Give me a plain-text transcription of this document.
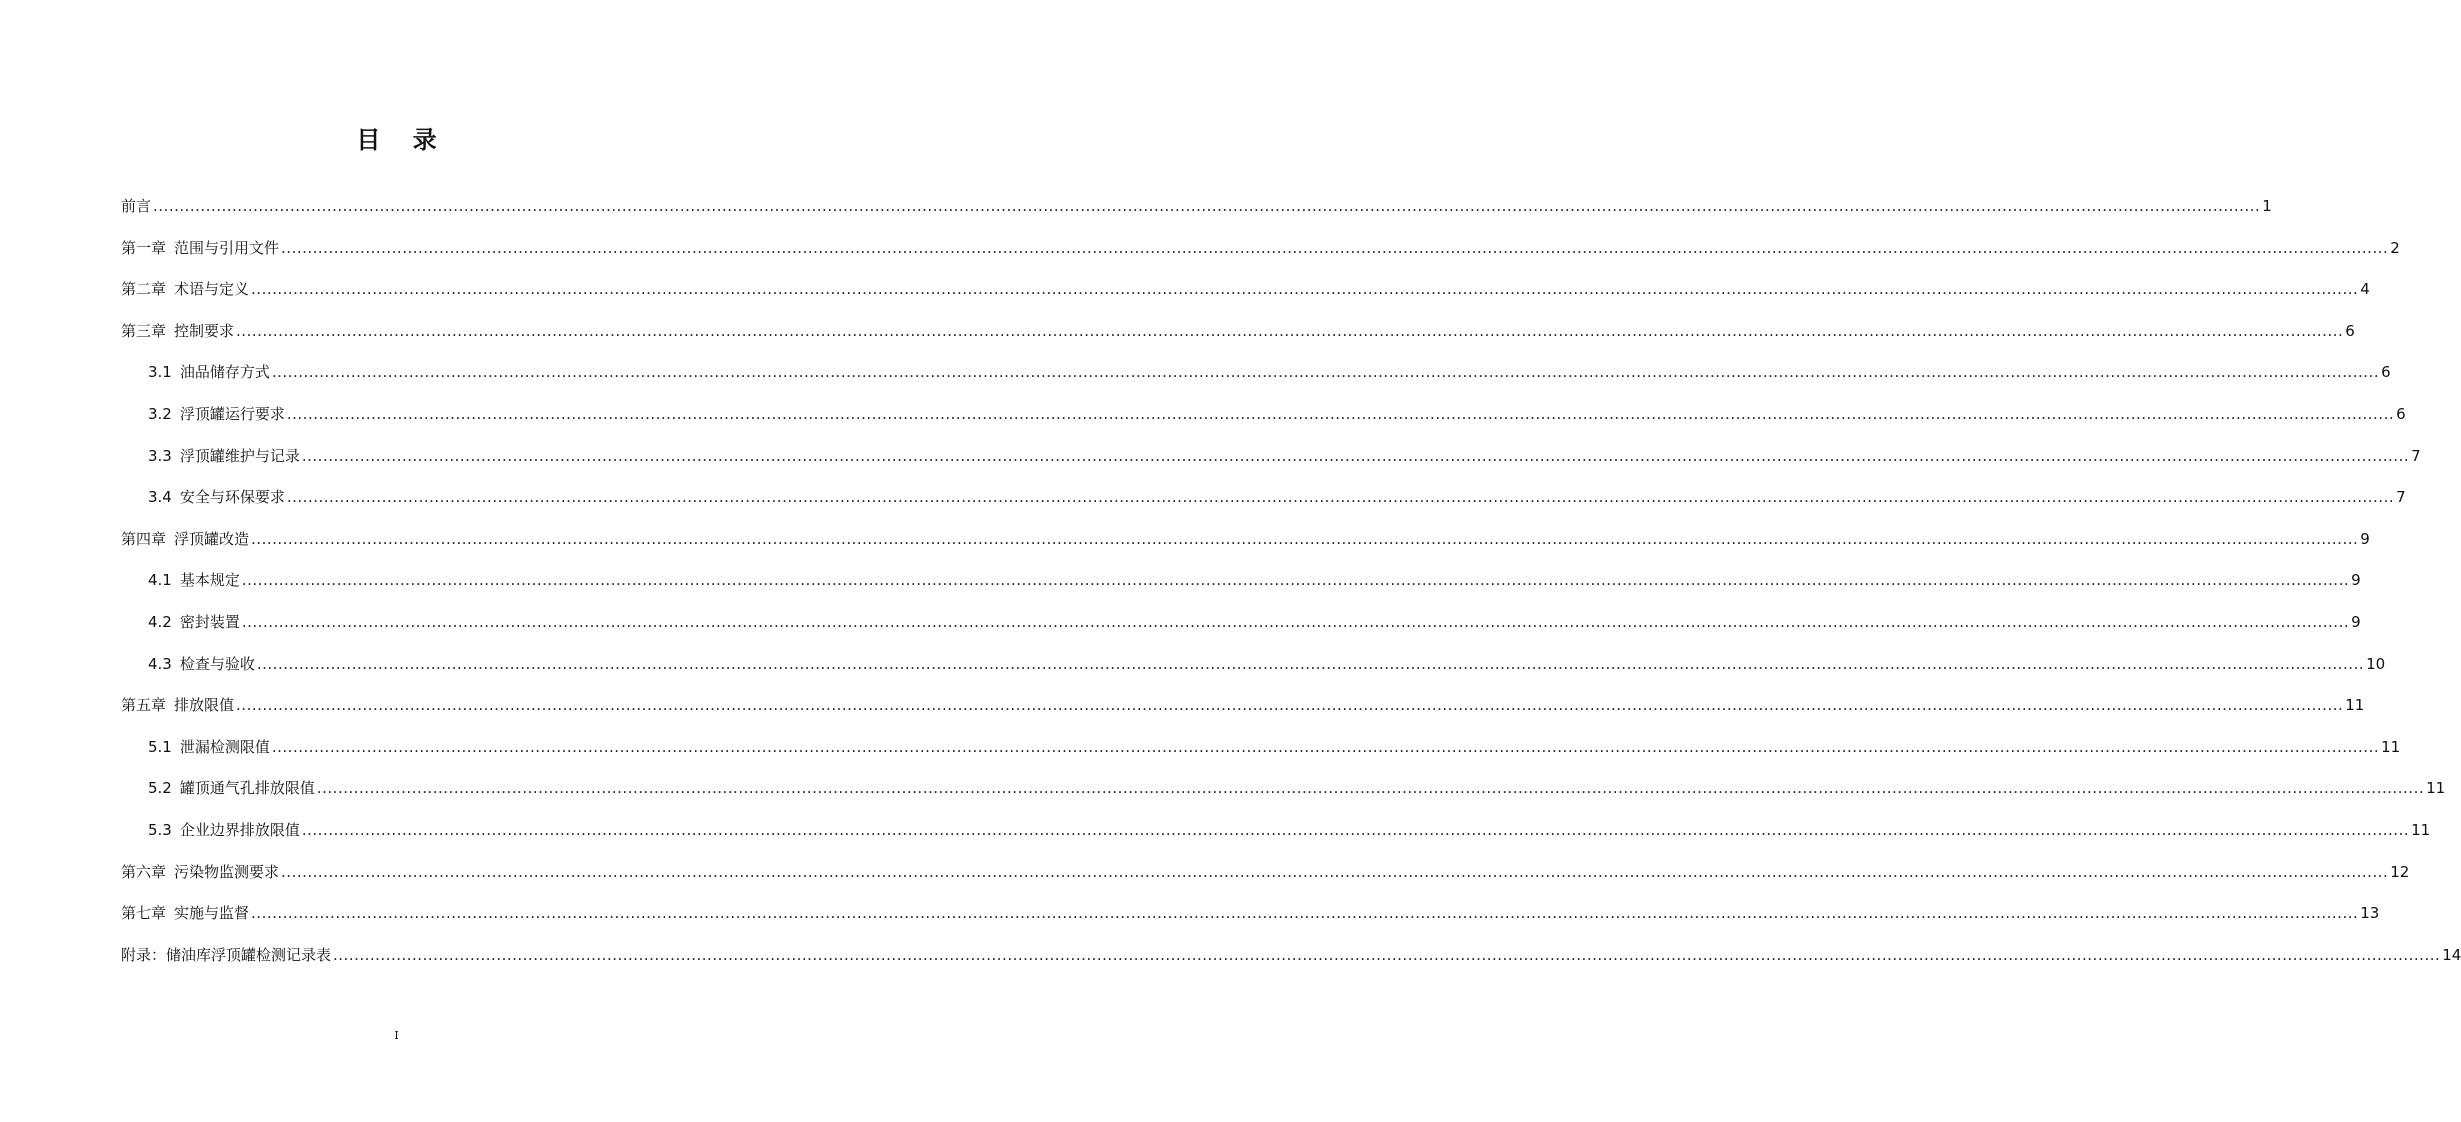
目 录
前言 ................................................................................................................................................................................................................................................................................................................................................................................................................ 1
第一章 范围与引用文件 ................................................................................................................................................................................................................................................................................................................................................................................................................ 2
第二章 术语与定义 ................................................................................................................................................................................................................................................................................................................................................................................................................ 4
第三章 控制要求 ................................................................................................................................................................................................................................................................................................................................................................................................................ 6
3.1 油品储存方式 ................................................................................................................................................................................................................................................................................................................................................................................................................ 6
3.2 浮顶罐运行要求 ................................................................................................................................................................................................................................................................................................................................................................................................................ 6
3.3 浮顶罐维护与记录 ................................................................................................................................................................................................................................................................................................................................................................................................................ 7
3.4 安全与环保要求 ................................................................................................................................................................................................................................................................................................................................................................................................................ 7
第四章 浮顶罐改造 ................................................................................................................................................................................................................................................................................................................................................................................................................ 9
4.1 基本规定 ................................................................................................................................................................................................................................................................................................................................................................................................................ 9
4.2 密封装置 ................................................................................................................................................................................................................................................................................................................................................................................................................ 9
4.3 检查与验收 ................................................................................................................................................................................................................................................................................................................................................................................................................ 10
第五章 排放限值 ................................................................................................................................................................................................................................................................................................................................................................................................................ 11
5.1 泄漏检测限值 ................................................................................................................................................................................................................................................................................................................................................................................................................ 11
5.2 罐顶通气孔排放限值 ................................................................................................................................................................................................................................................................................................................................................................................................................ 11
5.3 企业边界排放限值 ................................................................................................................................................................................................................................................................................................................................................................................................................ 11
第六章 污染物监测要求 ................................................................................................................................................................................................................................................................................................................................................................................................................ 12
第七章 实施与监督 ................................................................................................................................................................................................................................................................................................................................................................................................................ 13
附录：储油库浮顶罐检测记录表 ................................................................................................................................................................................................................................................................................................................................................................................................................ 14
I
